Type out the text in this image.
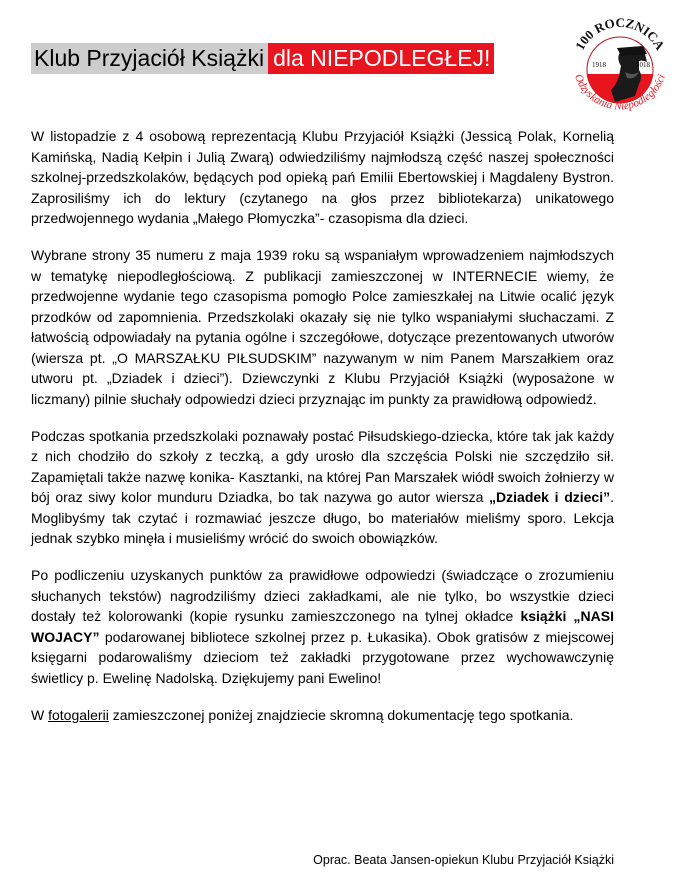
Klub Przyjaciół Książki dla NIEPODLEGŁEJ!	100 ROCZNICA
1918	2018
Odzyskania Niepodległości

W listopadzie z 4 osobową reprezentacją Klubu Przyjaciół Książki (Jessicą Polak, Kornelią Kamińską, Nadią Kełpin i Julią Zwarą) odwiedziliśmy najmłodszą część naszej społeczności szkolnej-przedszkolaków, będących pod opieką pań Emilii Ebertowskiej i Magdaleny Bystron. Zaprosiliśmy ich do lektury (czytanego na głos przez bibliotekarza) unikatowego przedwojennego wydania „Małego Płomyczka”- czasopisma dla dzieci.

Wybrane strony 35 numeru z maja 1939 roku są wspaniałym wprowadzeniem najmłodszych w tematykę niepodległościową. Z publikacji zamieszczonej w INTERNECIE wiemy, że przedwojenne wydanie tego czasopisma pomogło Polce zamieszkałej na Litwie ocalić język przodków od zapomnienia. Przedszkolaki okazały się nie tylko wspaniałymi słuchaczami. Z łatwością odpowiadały na pytania ogólne i szczegółowe, dotyczące prezentowanych utworów (wiersza pt. „O MARSZAŁKU PIŁSUDSKIM” nazywanym w nim Panem Marszałkiem oraz utworu pt. „Dziadek i dzieci”). Dziewczynki z Klubu Przyjaciół Książki (wyposażone w liczmany) pilnie słuchały odpowiedzi dzieci przyznając im punkty za prawidłową odpowiedź.

Podczas spotkania przedszkolaki poznawały postać Piłsudskiego-dziecka, które tak jak każdy z nich chodziło do szkoły z teczką, a gdy urosło dla szczęścia Polski nie szczędziło sił. Zapamiętali także nazwę konika- Kasztanki, na której Pan Marszałek wiódł swoich żołnierzy w bój oraz siwy kolor munduru Dziadka, bo tak nazywa go autor wiersza „Dziadek i dzieci”. Moglibyśmy tak czytać i rozmawiać jeszcze długo, bo materiałów mieliśmy sporo. Lekcja jednak szybko minęła i musieliśmy wrócić do swoich obowiązków.

Po podliczeniu uzyskanych punktów za prawidłowe odpowiedzi (świadczące o zrozumieniu słuchanych tekstów) nagrodziliśmy dzieci zakładkami, ale nie tylko, bo wszystkie dzieci dostały też kolorowanki (kopie rysunku zamieszczonego na tylnej okładce książki „NASI WOJACY” podarowanej bibliotece szkolnej przez p. Łukasika). Obok gratisów z miejscowej księgarni podarowaliśmy dzieciom też zakładki przygotowane przez wychowawczynię świetlicy p. Ewelinę Nadolską. Dziękujemy pani Ewelino!

W fotogalerii zamieszczonej poniżej znajdziecie skromną dokumentację tego spotkania.

Oprac. Beata Jansen-opiekun Klubu Przyjaciół Książki
